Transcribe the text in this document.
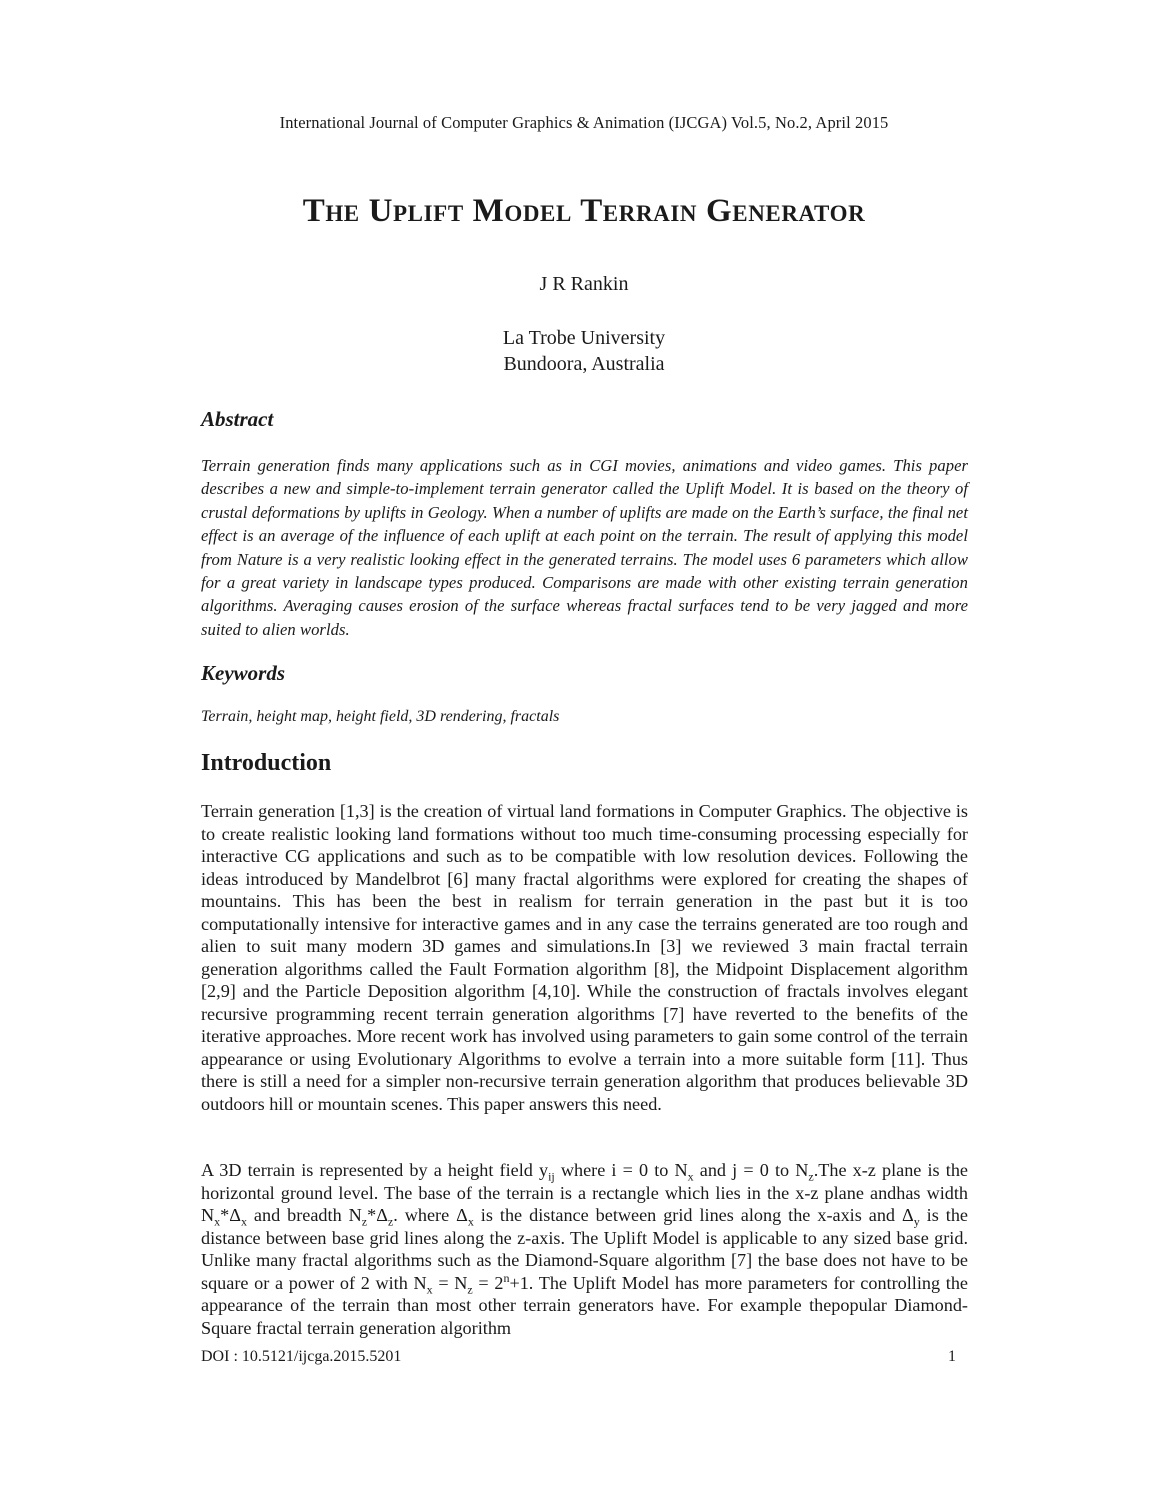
International Journal of Computer Graphics & Animation (IJCGA) Vol.5, No.2, April 2015
The Uplift Model Terrain Generator
J R Rankin
La Trobe University
Bundoora, Australia
Abstract
Terrain generation finds many applications such as in CGI movies, animations and video games. This paper describes a new and simple-to-implement terrain generator called the Uplift Model. It is based on the theory of crustal deformations by uplifts in Geology. When a number of uplifts are made on the Earth’s surface, the final net effect is an average of the influence of each uplift at each point on the terrain. The result of applying this model from Nature is a very realistic looking effect in the generated terrains. The model uses 6 parameters which allow for a great variety in landscape types produced. Comparisons are made with other existing terrain generation algorithms. Averaging causes erosion of the surface whereas fractal surfaces tend to be very jagged and more suited to alien worlds.
Keywords
Terrain, height map, height field, 3D rendering, fractals
Introduction
Terrain generation [1,3] is the creation of virtual land formations in Computer Graphics. The objective is to create realistic looking land formations without too much time-consuming processing especially for interactive CG applications and such as to be compatible with low resolution devices. Following the ideas introduced by Mandelbrot [6] many fractal algorithms were explored for creating the shapes of mountains. This has been the best in realism for terrain generation in the past but it is too computationally intensive for interactive games and in any case the terrains generated are too rough and alien to suit many modern 3D games and simulations.In [3] we reviewed 3 main fractal terrain generation algorithms called the Fault Formation algorithm [8], the Midpoint Displacement algorithm [2,9] and the Particle Deposition algorithm [4,10]. While the construction of fractals involves elegant recursive programming recent terrain generation algorithms [7] have reverted to the benefits of the iterative approaches. More recent work has involved using parameters to gain some control of the terrain appearance or using Evolutionary Algorithms to evolve a terrain into a more suitable form [11]. Thus there is still a need for a simpler non-recursive terrain generation algorithm that produces believable 3D outdoors hill or mountain scenes. This paper answers this need.
A 3D terrain is represented by a height field $y_{ij}$ where i = 0 to $N_x$ and j = 0 to $N_z.The$ x-z plane is the horizontal ground level. The base of the terrain is a rectangle which lies in the x-z plane andhas width $N_x*\Delta_x$ and breadth $N_z*\Delta_z$. where $\Delta_x$ is the distance between grid lines along the x-axis and $\Delta_y$ is the distance between base grid lines along the z-axis. The Uplift Model is applicable to any sized base grid. Unlike many fractal algorithms such as the Diamond-Square algorithm [7] the base does not have to be square or a power of 2 with $N_x = N_z = 2^n+1$. The Uplift Model has more parameters for controlling the appearance of the terrain than most other terrain generators have. For example thepopular Diamond-Square fractal terrain generation algorithm
DOI : 10.5121/ijcga.2015.5201	1
